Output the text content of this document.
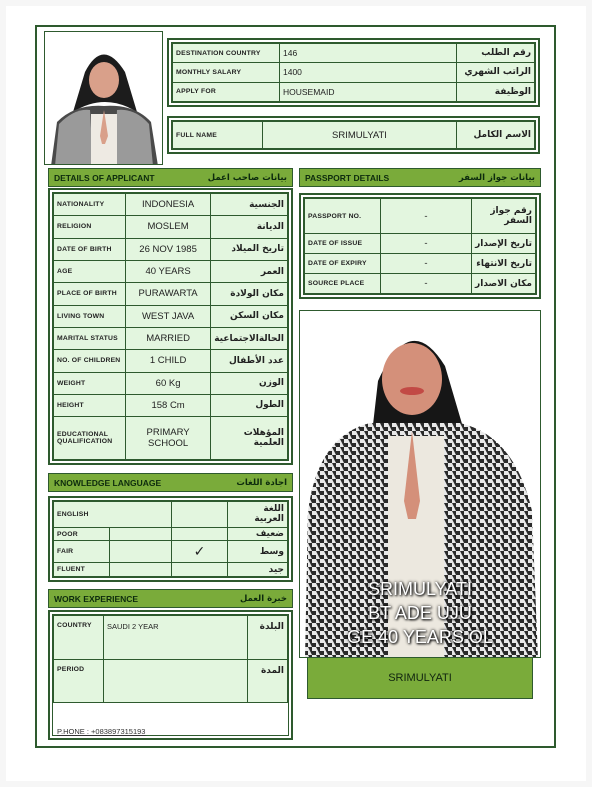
DESTINATION COUNTRY	146	رقم الطلب
MONTHLY SALARY	1400	الراتب الشهري
APPLY FOR	HOUSEMAID	الوظيفة
FULL NAME	SRIMULYATI	الاسم الكامل
DETAILS OF APPLICANT	بيانات صاحب اعمل
NATIONALITY	INDONESIA	الجنسية
RELIGION	MOSLEM	الديانة
DATE OF BIRTH	26 NOV 1985	تاريخ الميلاد
AGE	40 YEARS	العمر
PLACE OF BIRTH	PURAWARTA	مكان الولادة
LIVING TOWN	WEST JAVA	مكان السكن
MARITAL STATUS	MARRIED	الحالةالاجتماعية
NO. OF CHILDREN	1 CHILD	عدد الأطفال
WEIGHT	60 Kg	الوزن
HEIGHT	158 Cm	الطول
EDUCATIONAL QUALIFICATION	PRIMARY SCHOOL	المؤهلات العلمية
PASSPORT DETAILS	بيانات جواز السفر
PASSPORT NO.	-	رقم جواز السفر
DATE OF ISSUE	-	تاريخ الإصدار
DATE OF EXPIRY	-	تاريخ الانتهاء
SOURCE PLACE	-	مكان الاصدار
KNOWLEDGE LANGUAGE	اجادة اللغات
ENGLISH			اللغة العربية
POOR			ضعيف
FAIR		✓	وسط
FLUENT			جيد
WORK EXPERIENCE	خبرة العمل
COUNTRY	SAUDI 2 YEAR	البلدة
PERIOD		المدة
P.HONE : +083897315193
SRIMULYATI
BT ADE UJU
GE 40 YEARS OL
SRIMULYATI
